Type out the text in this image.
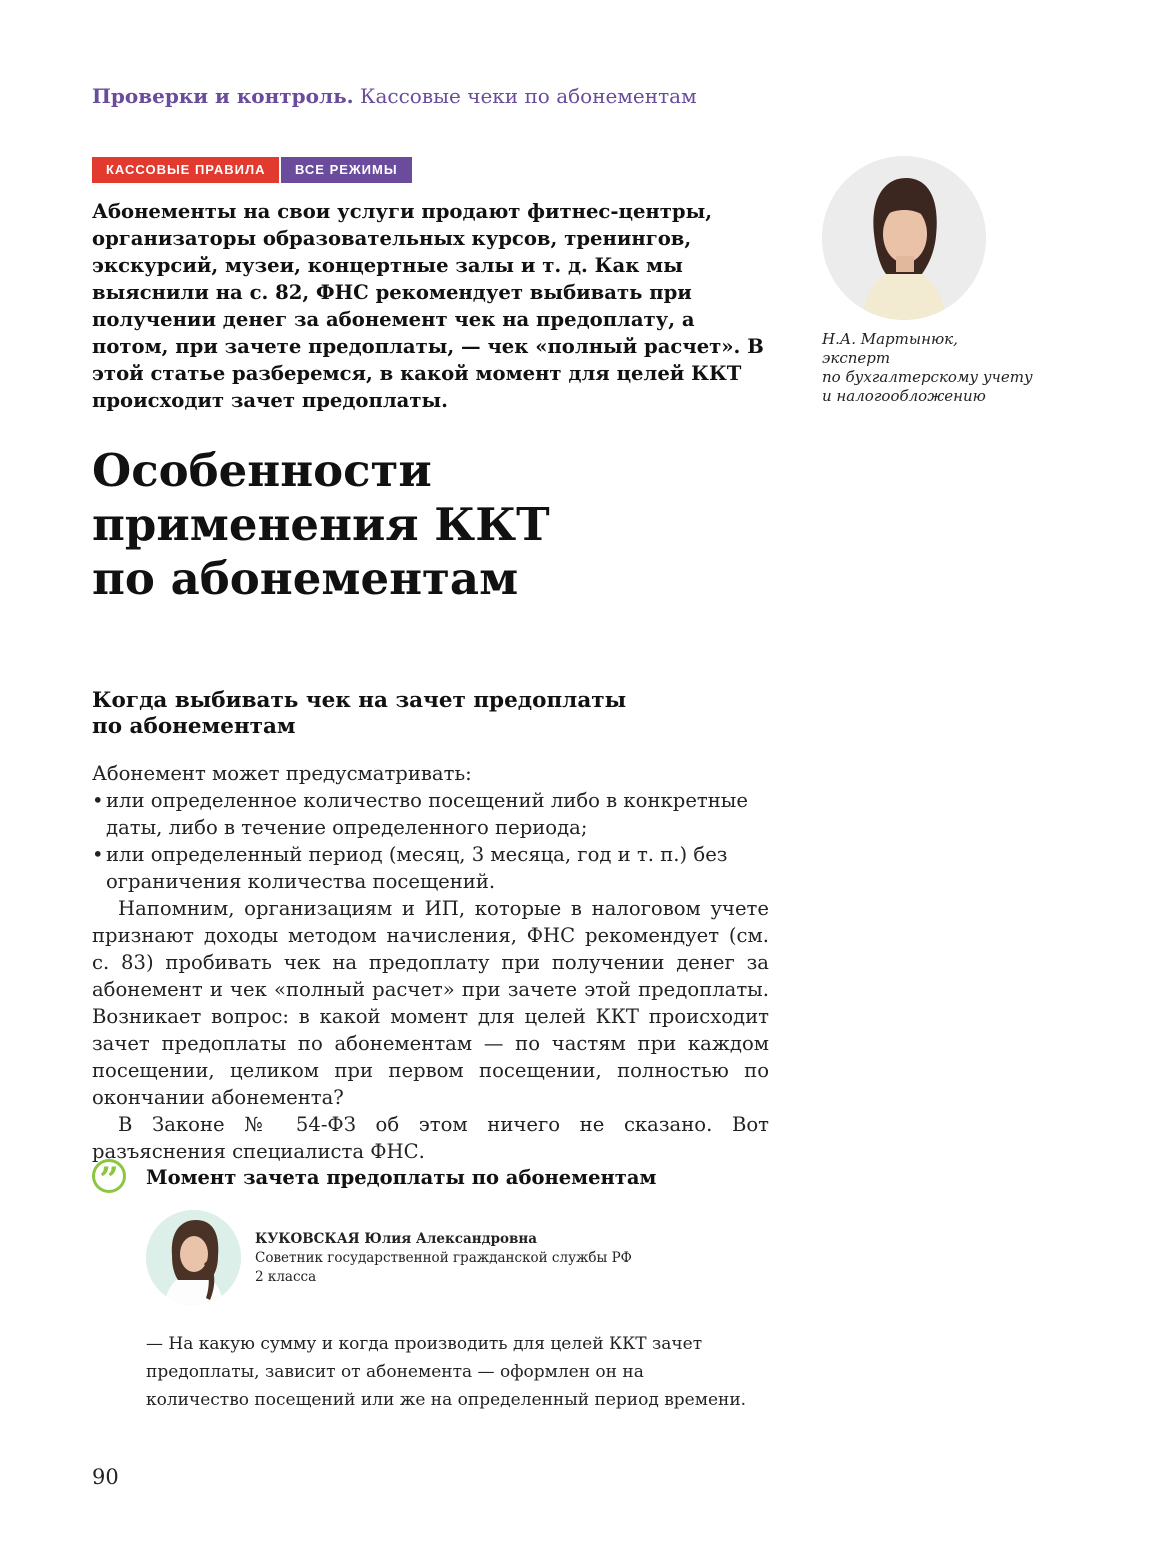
Проверки и контроль. Кассовые чеки по абонементам
КАССОВЫЕ ПРАВИЛА	ВСЕ РЕЖИМЫ
Абонементы на свои услуги продают фитнес-центры, организаторы образовательных курсов, тренингов, экскурсий, музеи, концертные залы и т. д. Как мы выяснили на с. 82, ФНС рекомендует выбивать при получении денег за абонемент чек на предоплату, а потом, при зачете предоплаты, — чек «полный расчет». В этой статье разберемся, в какой момент для целей ККТ происходит зачет предоплаты.
Н.А. Мартынюк,
эксперт
по бухгалтерскому учету
и налогообложению
Особенности
применения ККТ
по абонементам
Когда выбивать чек на зачет предоплаты
по абонементам

Абонемент может предусматривать:

• или определенное количество посещений либо в конкретные даты, либо в течение определенного периода;
• или определенный период (месяц, 3 месяца, год и т. п.) без ограничения количества посещений.

Напомним, организациям и ИП, которые в налоговом учете признают доходы методом начисления, ФНС рекомендует (см. с. 83) пробивать чек на предоплату при получении денег за абонемент и чек «полный расчет» при зачете этой предоплаты. Возникает вопрос: в какой момент для целей ККТ происходит зачет предоплаты по абонементам — по частям при каждом посещении, целиком при первом посещении, полностью по окончании абонемента?

В Законе № 54-ФЗ об этом ничего не сказано. Вот разъяснения специалиста ФНС.

” Момент зачета предоплаты по абонементам
КУКОВСКАЯ Юлия Александровна
Советник государственной гражданской службы РФ
2 класса
— На какую сумму и когда производить для целей ККТ зачет предоплаты, зависит от абонемента — оформлен он на количество посещений или же на определенный период времени.
90
